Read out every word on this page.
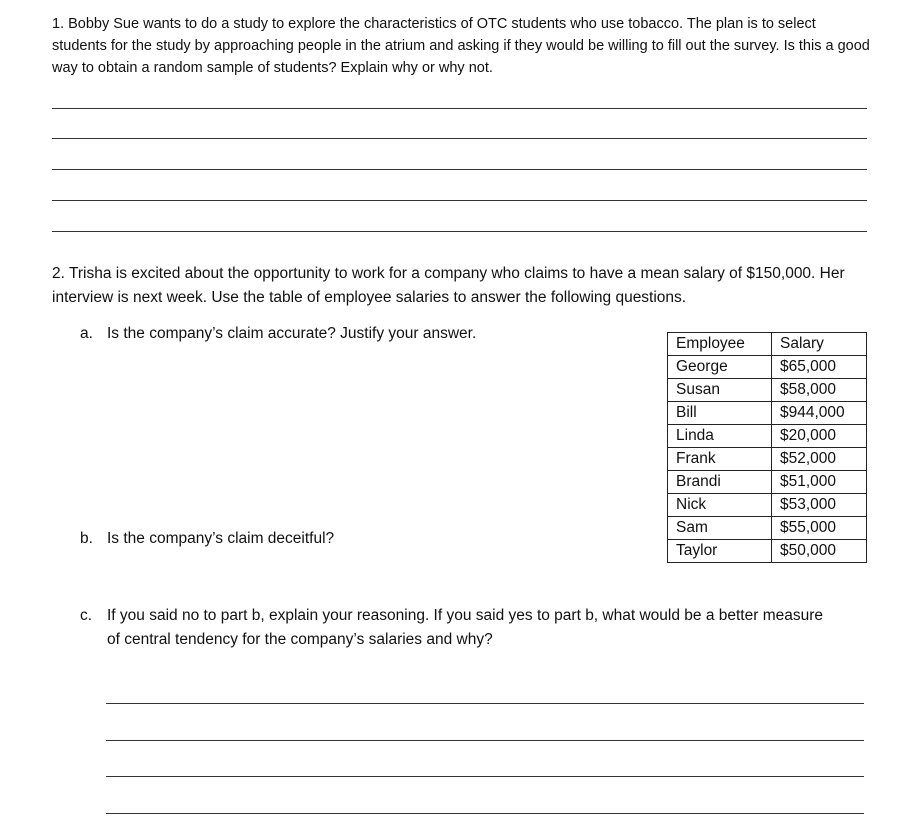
1. Bobby Sue wants to do a study to explore the characteristics of OTC students who use tobacco. The plan is to select students for the study by approaching people in the atrium and asking if they would be willing to fill out the survey. Is this a good way to obtain a random sample of students? Explain why or why not.
2. Trisha is excited about the opportunity to work for a company who claims to have a mean salary of $150,000. Her interview is next week. Use the table of employee salaries to answer the following questions.
a. Is the company’s claim accurate? Justify your answer.
Employee	Salary
George	$65,000
Susan	$58,000
Bill	$944,000
Linda	$20,000
Frank	$52,000
Brandi	$51,000
Nick	$53,000
Sam	$55,000
Taylor	$50,000
b. Is the company’s claim deceitful?
c. If you said no to part b, explain your reasoning. If you said yes to part b, what would be a better measure of central tendency for the company’s salaries and why?
